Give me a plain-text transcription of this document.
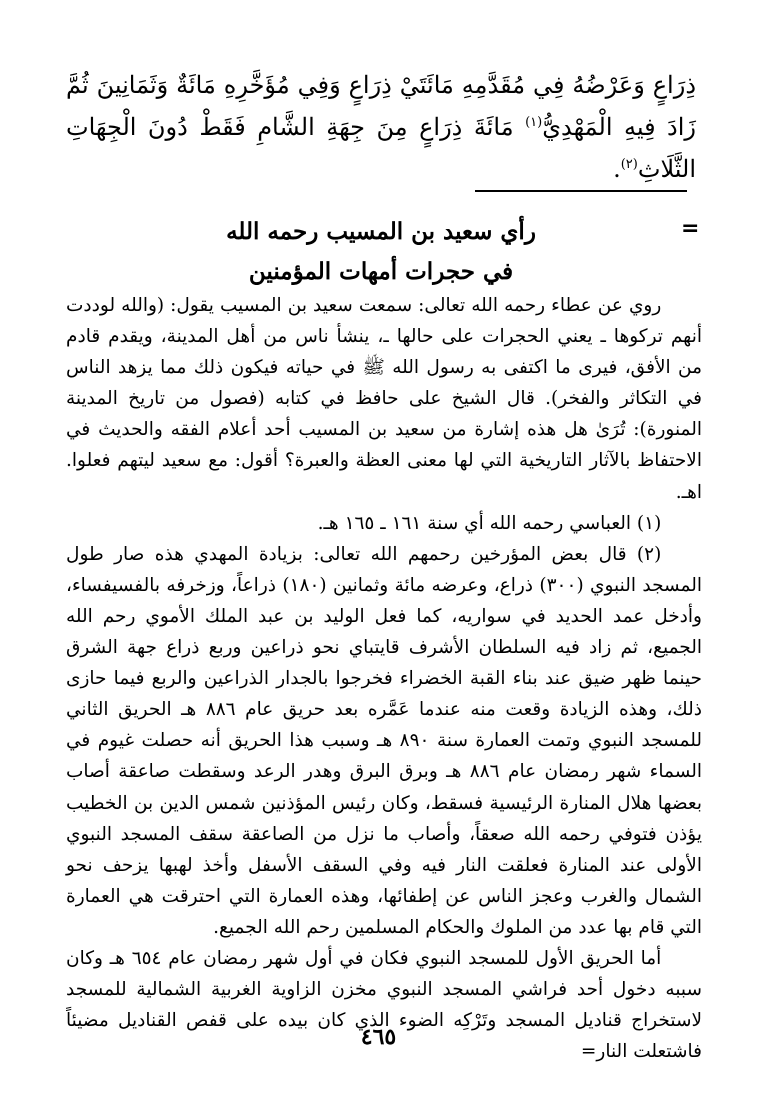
ذِرَاعٍ وَعَرْضُهُ فِي مُقَدَّمِهِ مَائَتَيْ ذِرَاعٍ وَفِي مُؤَخَّرِهِ مَائَةٌ وَثَمَانِينَ ثُمَّ زَادَ فِيهِ الْمَهْدِيُّ$^{(١)}$ مَائَةَ ذِرَاعٍ مِنَ جِهَةِ الشَّامِ فَقَطْ دُونَ الْجِهَاتِ الثَّلَاثِ$^{(٢)}$.

=
رأي سعيد بن المسيب رحمه الله
في حجرات أمهات المؤمنين

روي عن عطاء رحمه الله تعالى: سمعت سعيد بن المسيب يقول: (والله لوددت أنهم تركوها ـ يعني الحجرات على حالها ـ، ينشأ ناس من أهل المدينة، ويقدم قادم من الأفق، فيرى ما اكتفى به رسول الله ﷺ في حياته فيكون ذلك مما يزهد الناس في التكاثر والفخر). قال الشيخ على حافظ في كتابه (فصول من تاريخ المدينة المنورة): تُرَىٰ هل هذه إشارة من سعيد بن المسيب أحد أعلام الفقه والحديث في الاحتفاظ بالآثار التاريخية التي لها معنى العظة والعبرة؟ أقول: مع سعيد ليتهم فعلوا. اهـ.

(١) العباسي رحمه الله أي سنة ١٦١ ـ ١٦٥ هـ.

(٢) قال بعض المؤرخين رحمهم الله تعالى: بزيادة المهدي هذه صار طول المسجد النبوي (٣٠٠) ذراع، وعرضه مائة وثمانين (١٨٠) ذراعاً، وزخرفه بالفسيفساء، وأدخل عمد الحديد في سواريه، كما فعل الوليد بن عبد الملك الأموي رحم الله الجميع، ثم زاد فيه السلطان الأشرف قايتباي نحو ذراعين وربع ذراع جهة الشرق حينما ظهر ضيق عند بناء القبة الخضراء فخرجوا بالجدار الذراعين والربع فيما حازى ذلك، وهذه الزيادة وقعت منه عندما عَمَّره بعد حريق عام ٨٨٦ هـ الحريق الثاني للمسجد النبوي وتمت العمارة سنة ٨٩٠ هـ وسبب هذا الحريق أنه حصلت غيوم في السماء شهر رمضان عام ٨٨٦ هـ وبرق البرق وهدر الرعد وسقطت صاعقة أصاب بعضها هلال المنارة الرئيسية فسقط، وكان رئيس المؤذنين شمس الدين بن الخطيب يؤذن فتوفي رحمه الله صعقاً، وأصاب ما نزل من الصاعقة سقف المسجد النبوي الأولى عند المنارة فعلقت النار فيه وفي السقف الأسفل وأخذ لهبها يزحف نحو الشمال والغرب وعجز الناس عن إطفائها، وهذه العمارة التي احترقت هي العمارة التي قام بها عدد من الملوك والحكام المسلمين رحم الله الجميع.

أما الحريق الأول للمسجد النبوي فكان في أول شهر رمضان عام ٦٥٤ هـ وكان سببه دخول أحد فراشي المسجد النبوي مخزن الزاوية الغربية الشمالية للمسجد لاستخراج قناديل المسجد وتَرْكِه الضوء الذي كان بيده على قفص القناديل مضيئاً فاشتعلت النار=

٤٦٥
